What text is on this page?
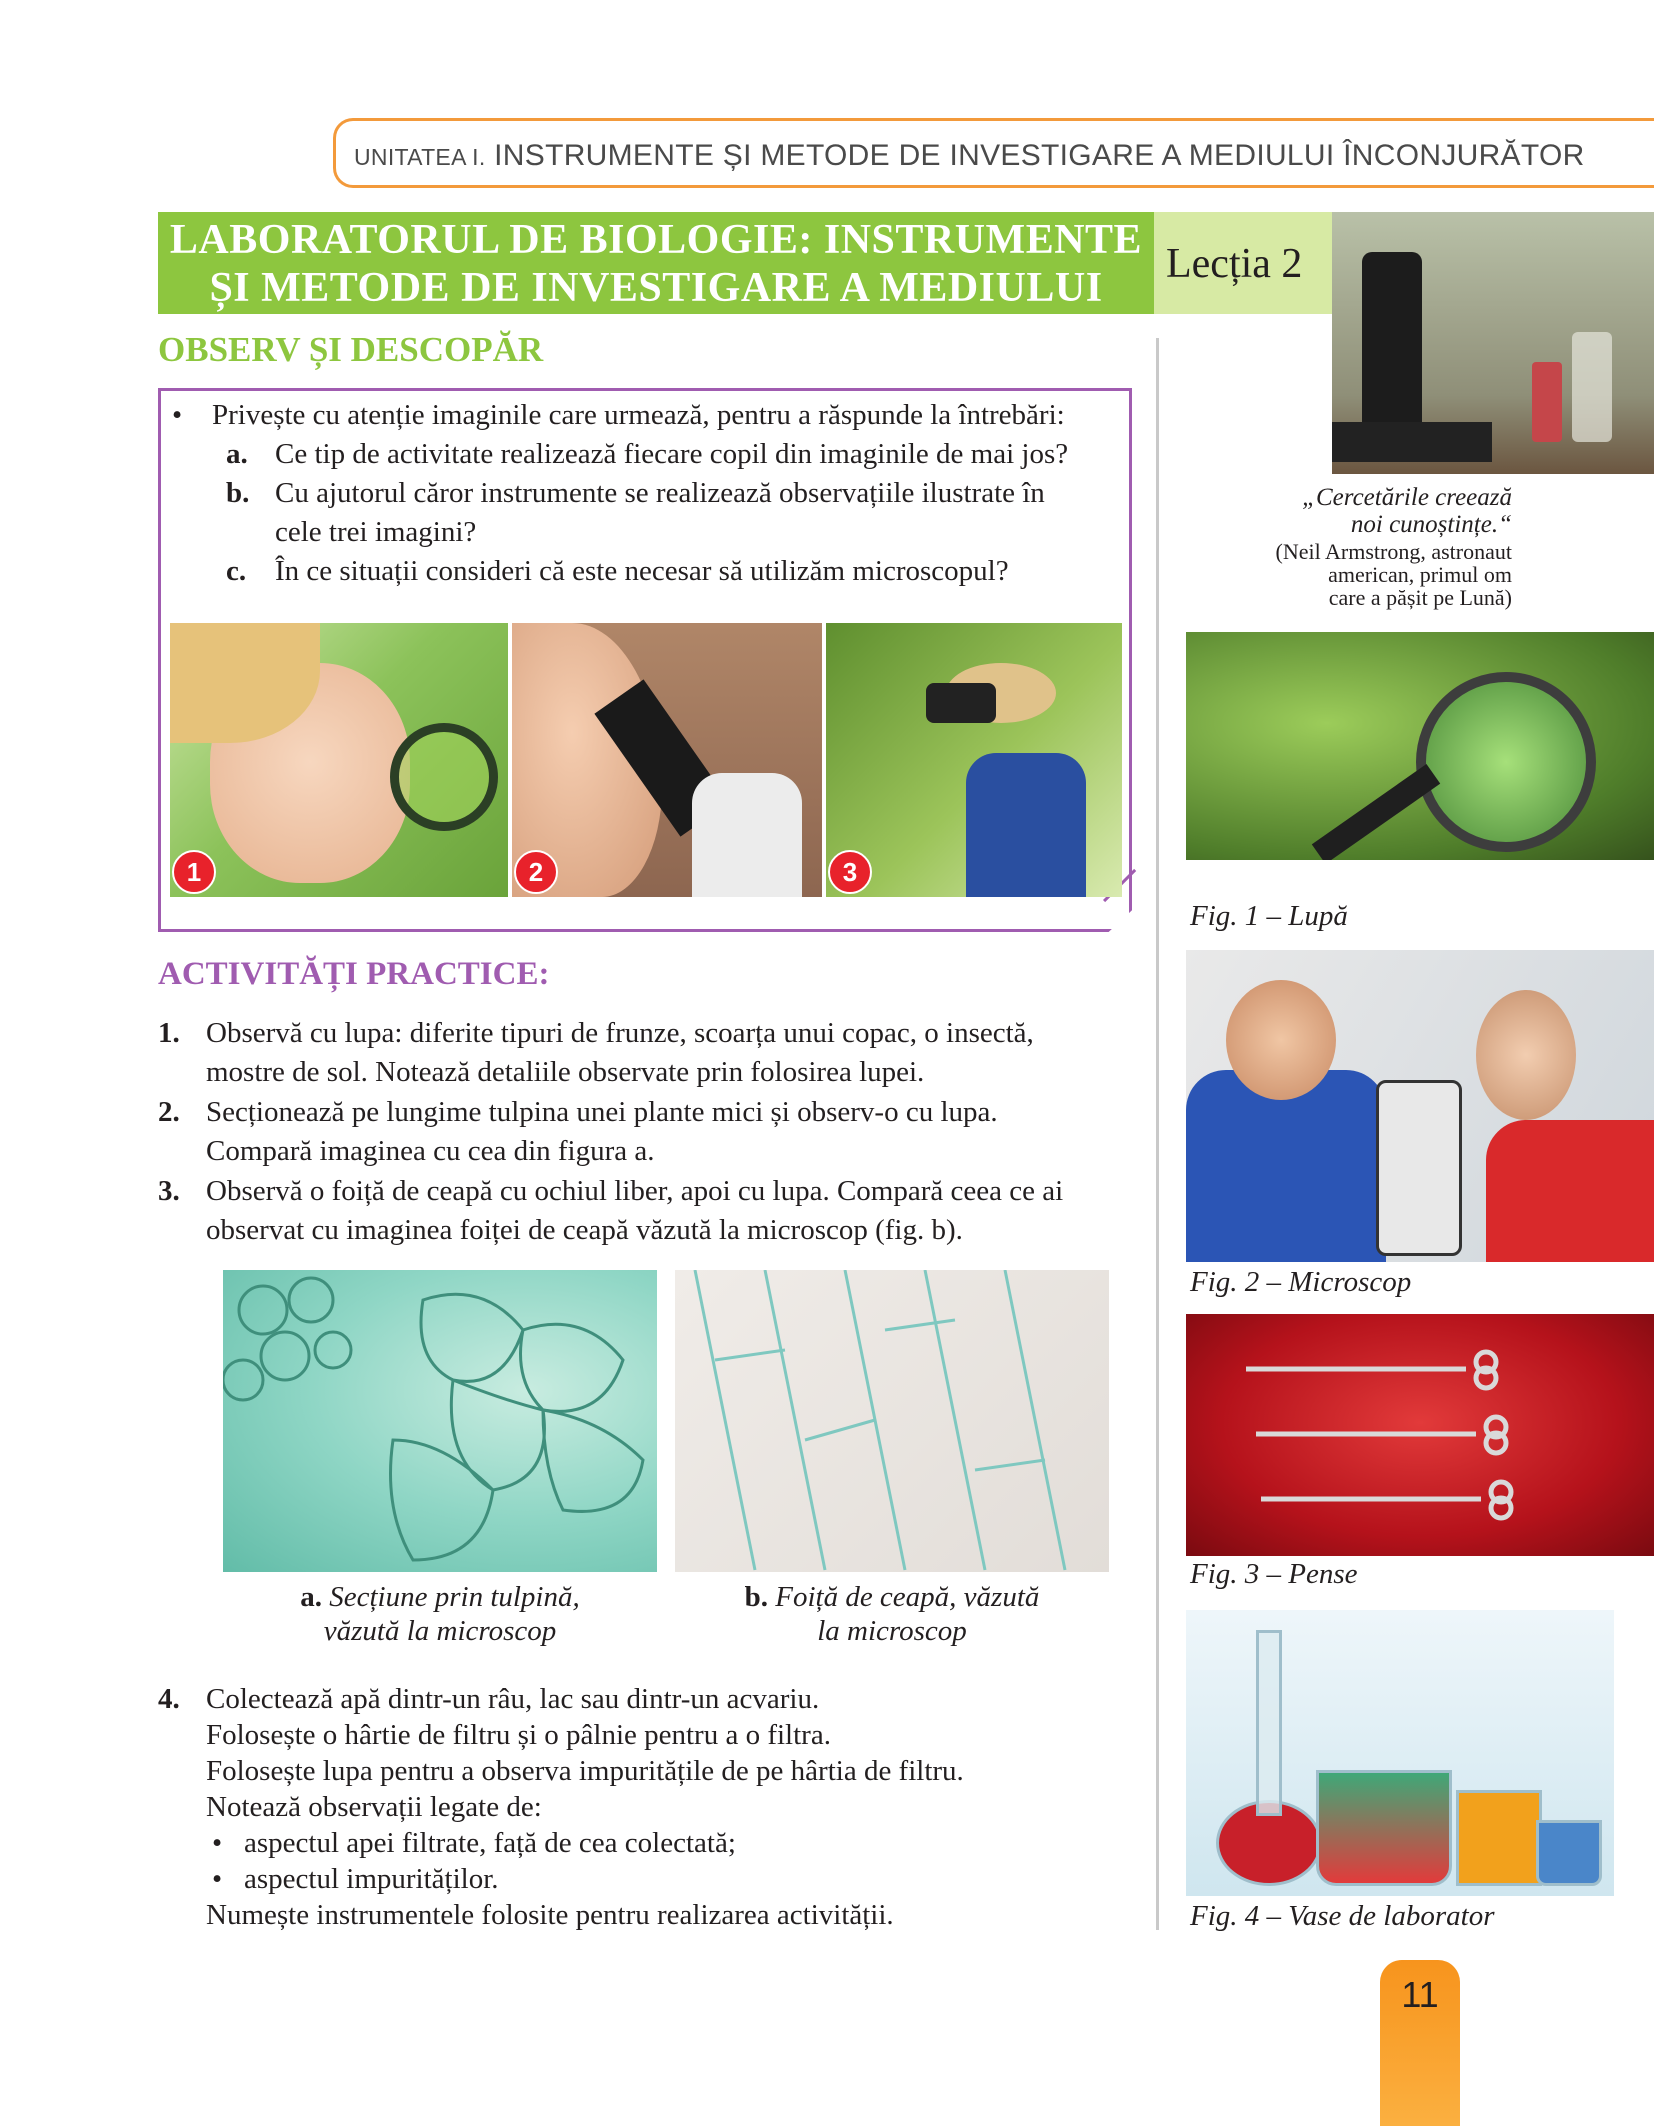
UNITATEA I. INSTRUMENTE ȘI METODE DE INVESTIGARE A MEDIULUI ÎNCONJURĂTOR
LABORATORUL DE BIOLOGIE: INSTRUMENTE
ȘI METODE DE INVESTIGARE A MEDIULUI
Lecția 2
OBSERV ȘI DESCOPĂR
• Privește cu atenție imaginile care urmează, pentru a răspunde la întrebări:
a. Ce tip de activitate realizează fiecare copil din imaginile de mai jos?
b. Cu ajutorul căror instrumente se realizează observațiile ilustrate în
cele trei imagini?
c. În ce situații consideri că este necesar să utilizăm microscopul?
1	2	3
„Cercetările creează
noi cunoștințe.“
(Neil Armstrong, astronaut
american, primul om
care a pășit pe Lună)
Fig. 1 – Lupă
ACTIVITĂȚI PRACTICE:
1. Observă cu lupa: diferite tipuri de frunze, scoarța unui copac, o insectă,
mostre de sol. Notează detaliile observate prin folosirea lupei.
2. Secționează pe lungime tulpina unei plante mici și observ-o cu lupa.
Compară imaginea cu cea din figura a.
3. Observă o foiță de ceapă cu ochiul liber, apoi cu lupa. Compară ceea ce ai
observat cu imaginea foiței de ceapă văzută la microscop (fig. b).
Fig. 2 – Microscop
a. Secțiune prin tulpină,
văzută la microscop
b. Foiță de ceapă, văzută
la microscop
Fig. 3 – Pense
4. Colectează apă dintr-un râu, lac sau dintr-un acvariu.
Folosește o hârtie de filtru și o pâlnie pentru a o filtra.
Folosește lupa pentru a observa impuritățile de pe hârtia de filtru.
Notează observații legate de:
• aspectul apei filtrate, față de cea colectată;
• aspectul impurităților.
Numește instrumentele folosite pentru realizarea activității.	Fig. 4 – Vase de laborator
11
